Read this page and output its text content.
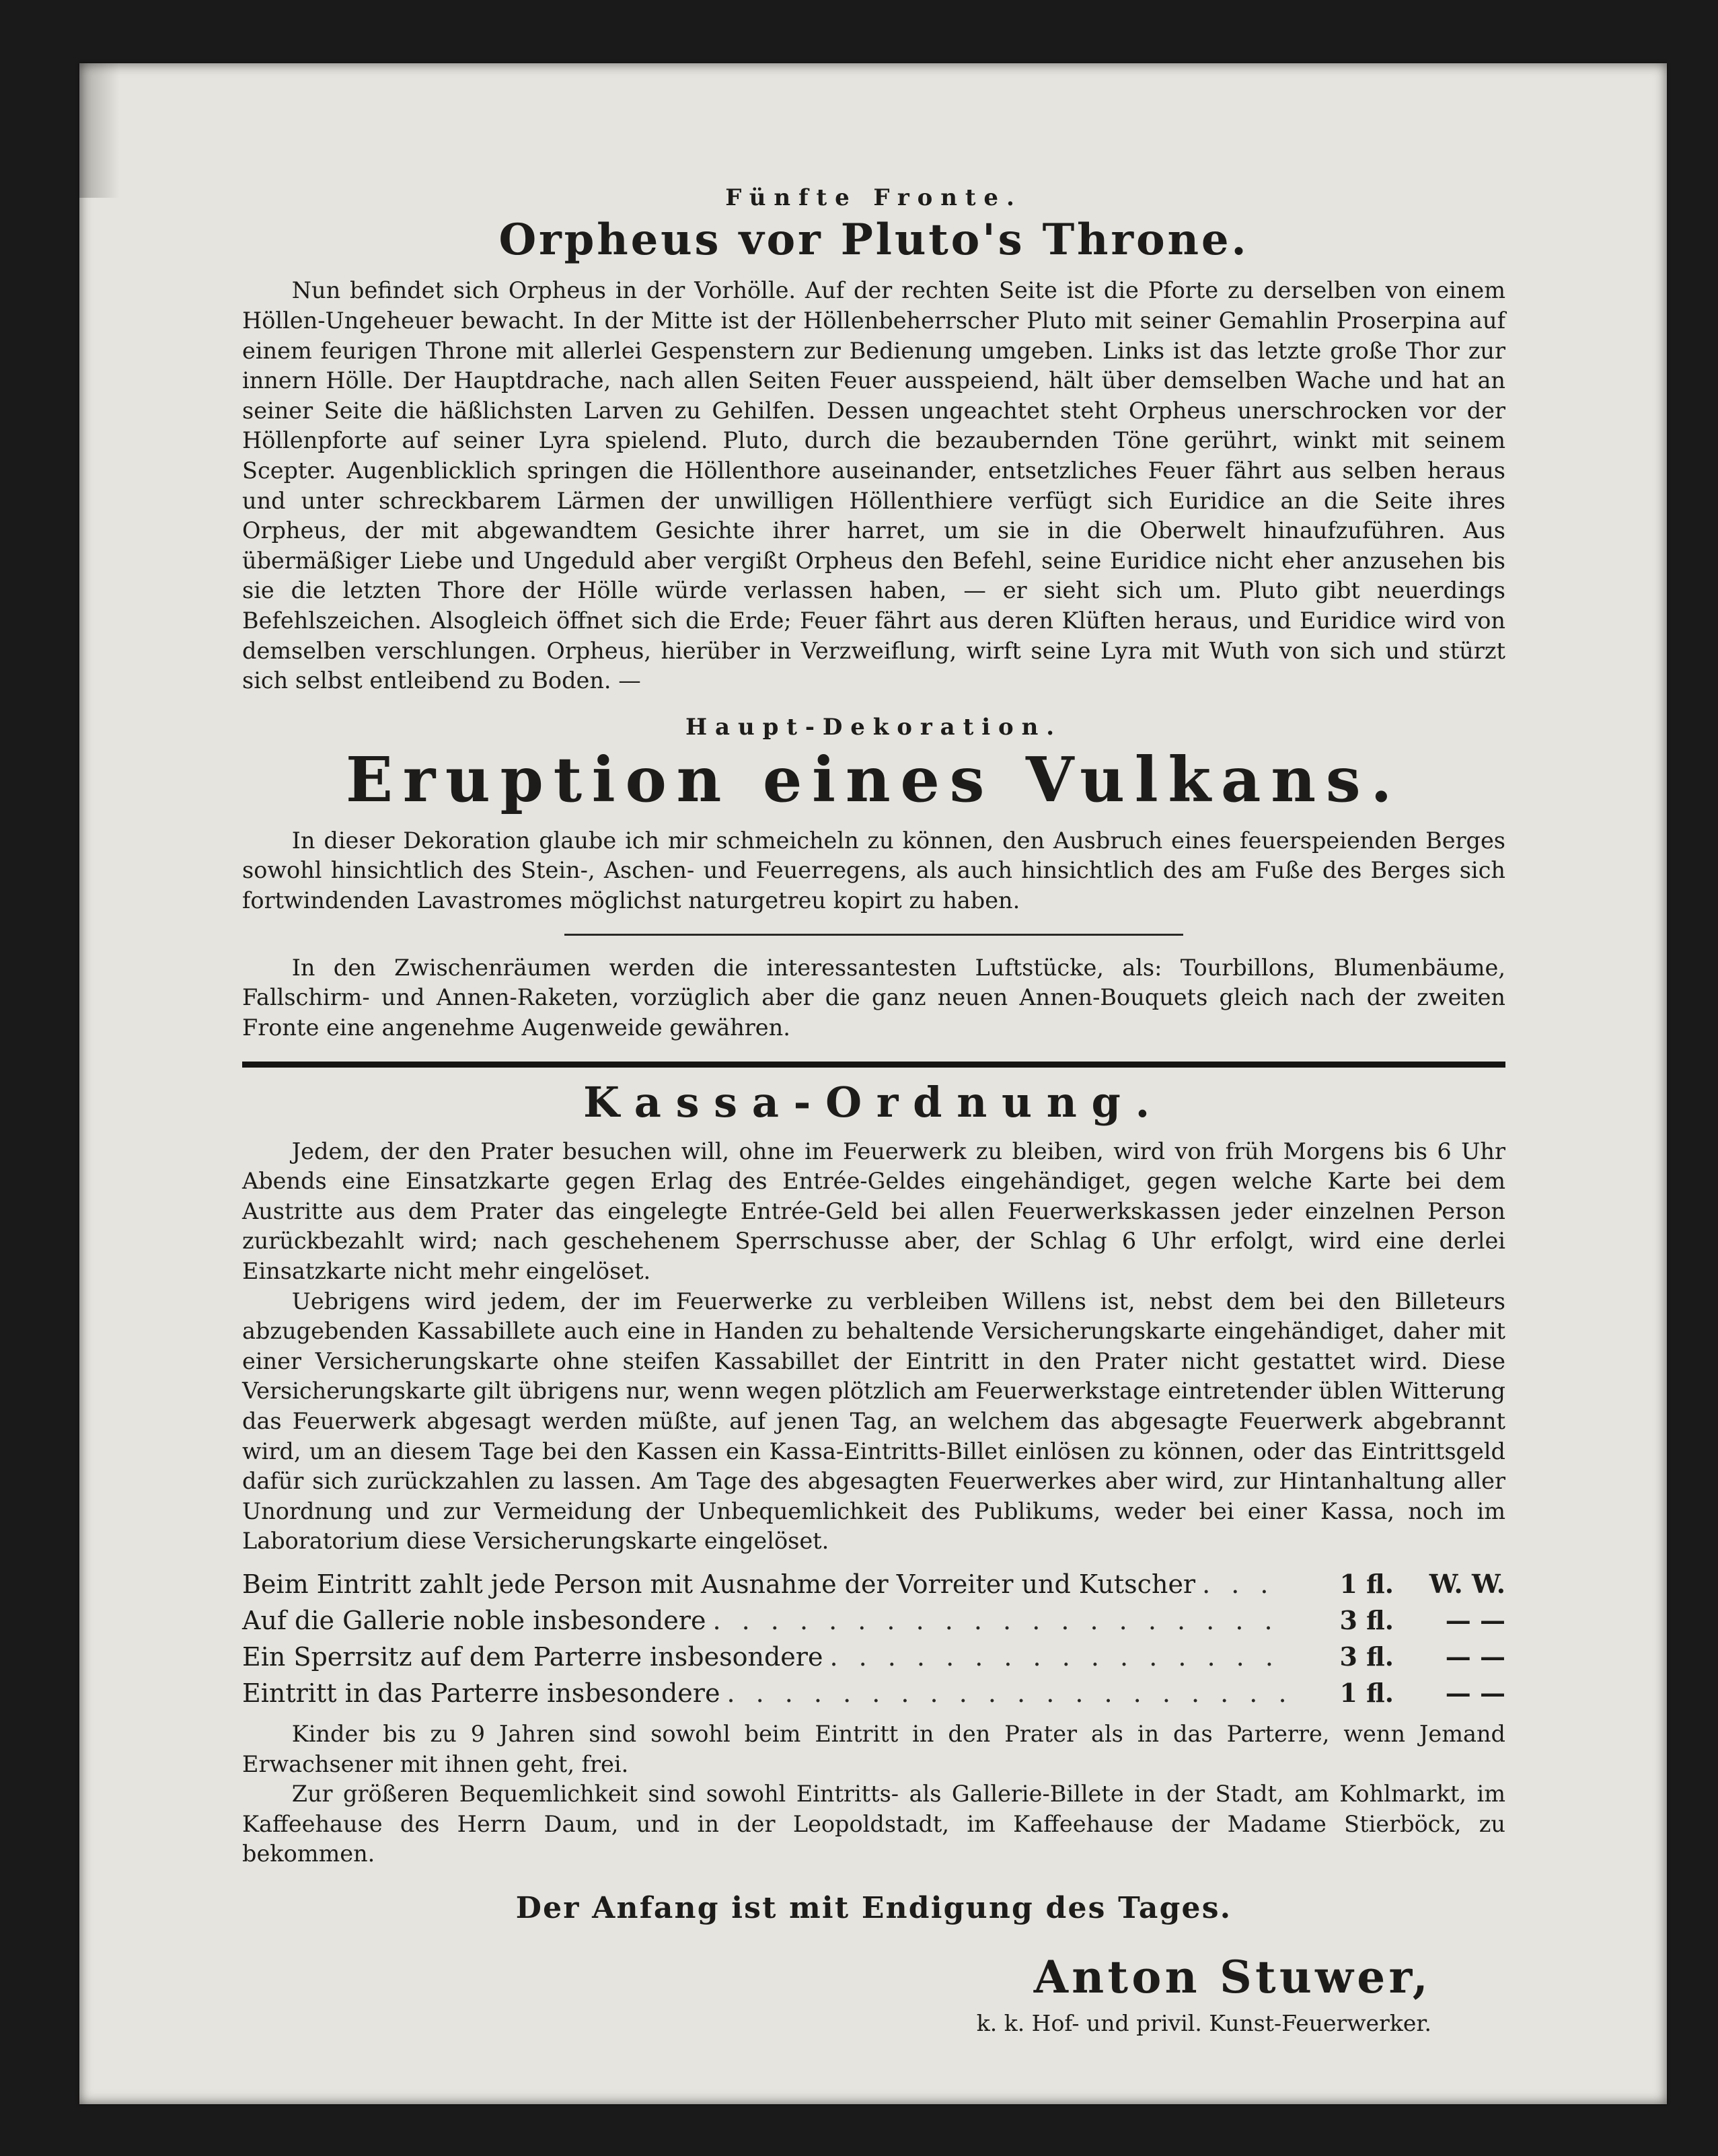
Fünfte Fronte.
Orpheus vor Pluto's Throne.

Nun befindet sich Orpheus in der Vorhölle. Auf der rechten Seite ist die Pforte zu derselben von einem Höllen-Ungeheuer bewacht. In der Mitte ist der Höllenbeherrscher Pluto mit seiner Gemahlin Proserpina auf einem feurigen Throne mit allerlei Gespenstern zur Bedienung umgeben. Links ist das letzte große Thor zur innern Hölle. Der Hauptdrache, nach allen Seiten Feuer ausspeiend, hält über demselben Wache und hat an seiner Seite die häßlichsten Larven zu Gehilfen. Dessen ungeachtet steht Orpheus unerschrocken vor der Höllenpforte auf seiner Lyra spielend. Pluto, durch die bezaubernden Töne gerührt, winkt mit seinem Scepter. Augenblicklich springen die Höllenthore auseinander, entsetzliches Feuer fährt aus selben heraus und unter schreckbarem Lärmen der unwilligen Höllenthiere verfügt sich Euridice an die Seite ihres Orpheus, der mit abgewandtem Gesichte ihrer harret, um sie in die Oberwelt hinaufzuführen. Aus übermäßiger Liebe und Ungeduld aber vergißt Orpheus den Befehl, seine Euridice nicht eher anzusehen bis sie die letzten Thore der Hölle würde verlassen haben, — er sieht sich um. Pluto gibt neuerdings Befehlszeichen. Alsogleich öffnet sich die Erde; Feuer fährt aus deren Klüften heraus, und Euridice wird von demselben verschlungen. Orpheus, hierüber in Verzweiflung, wirft seine Lyra mit Wuth von sich und stürzt sich selbst entleibend zu Boden. —

Haupt-Dekoration.
Eruption eines Vulkans.

In dieser Dekoration glaube ich mir schmeicheln zu können, den Ausbruch eines feuerspeienden Berges sowohl hinsichtlich des Stein-, Aschen- und Feuerregens, als auch hinsichtlich des am Fuße des Berges sich fortwindenden Lavastromes möglichst naturgetreu kopirt zu haben.

In den Zwischenräumen werden die interessantesten Luftstücke, als: Tourbillons, Blumenbäume, Fallschirm- und Annen-Raketen, vorzüglich aber die ganz neuen Annen-Bouquets gleich nach der zweiten Fronte eine angenehme Augenweide gewähren.

Kassa-Ordnung.

Jedem, der den Prater besuchen will, ohne im Feuerwerk zu bleiben, wird von früh Morgens bis 6 Uhr Abends eine Einsatzkarte gegen Erlag des Entrée-Geldes eingehändiget, gegen welche Karte bei dem Austritte aus dem Prater das eingelegte Entrée-Geld bei allen Feuerwerkskassen jeder einzelnen Person zurückbezahlt wird; nach geschehenem Sperrschusse aber, der Schlag 6 Uhr erfolgt, wird eine derlei Einsatzkarte nicht mehr eingelöset.

Uebrigens wird jedem, der im Feuerwerke zu verbleiben Willens ist, nebst dem bei den Billeteurs abzugebenden Kassabillete auch eine in Handen zu behaltende Versicherungskarte eingehändiget, daher mit einer Versicherungskarte ohne steifen Kassabillet der Eintritt in den Prater nicht gestattet wird. Diese Versicherungskarte gilt übrigens nur, wenn wegen plötzlich am Feuerwerkstage eintretender üblen Witterung das Feuerwerk abgesagt werden müßte, auf jenen Tag, an welchem das abgesagte Feuerwerk abgebrannt wird, um an diesem Tage bei den Kassen ein Kassa-Eintritts-Billet einlösen zu können, oder das Eintrittsgeld dafür sich zurückzahlen zu lassen. Am Tage des abgesagten Feuerwerkes aber wird, zur Hintanhaltung aller Unordnung und zur Vermeidung der Unbequemlichkeit des Publikums, weder bei einer Kassa, noch im Laboratorium diese Versicherungskarte eingelöset.

Beim Eintritt zahlt jede Person mit Ausnahme der Vorreiter und Kutscher . . .	1 fl.	W. W.
Auf die Gallerie noble insbesondere . . .	3 fl.	— —
Ein Sperrsitz auf dem Parterre insbesondere . . .	3 fl.	— —
Eintritt in das Parterre insbesondere . . .	1 fl.	— —

Kinder bis zu 9 Jahren sind sowohl beim Eintritt in den Prater als in das Parterre, wenn Jemand Erwachsener mit ihnen geht, frei.

Zur größeren Bequemlichkeit sind sowohl Eintritts- als Gallerie-Billete in der Stadt, am Kohlmarkt, im Kaffeehause des Herrn Daum, und in der Leopoldstadt, im Kaffeehause der Madame Stierböck, zu bekommen.

Der Anfang ist mit Endigung des Tages.
Anton Stuwer,
k. k. Hof- und privil. Kunst-Feuerwerker.
